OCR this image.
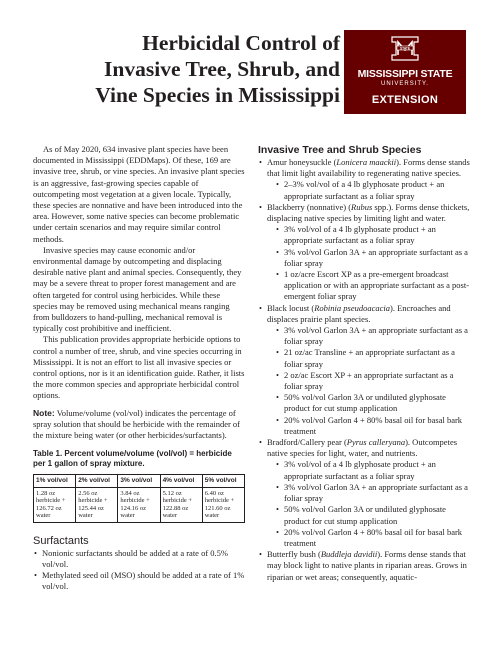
Herbicidal Control of
Invasive Tree, Shrub, and
Vine Species in Mississippi
STATE
MISSISSIPPI STATE
UNIVERSITY.
EXTENSION

As of May 2020, 634 invasive plant species have been documented in Mississippi (EDDMaps). Of these, 169 are invasive tree, shrub, or vine species. An invasive plant species is an aggressive, fast-growing species capable of outcompeting most vegetation at a given locale. Typically, these species are nonnative and have been introduced into the area. However, some native species can become problematic under certain scenarios and may require similar control methods.

Invasive species may cause economic and/or environmental damage by outcompeting and displacing desirable native plant and animal species. Consequently, they may be a severe threat to proper forest management and are often targeted for control using herbicides. While these species may be removed using mechanical means ranging from bulldozers to hand-pulling, mechanical removal is typically cost prohibitive and inefficient.

This publication provides appropriate herbicide options to control a number of tree, shrub, and vine species occurring in Mississippi. It is not an effort to list all invasive species or control options, nor is it an identification guide. Rather, it lists the more common species and appropriate herbicidal control options.

Note: Volume/volume (vol/vol) indicates the percentage of spray solution that should be herbicide with the remainder of the mixture being water (or other herbicides/surfactants).

Table 1. Percent volume/volume (vol/vol) = herbicide per 1 gallon of spray mixture.
1% vol/vol	2% vol/vol	3% vol/vol	4% vol/vol	5% vol/vol
1.28 oz herbicide + 126.72 oz water	2.56 oz herbicide + 125.44 oz water	3.84 oz herbicide + 124.16 oz water	5.12 oz herbicide + 122.88 oz water	6.40 oz herbicide + 121.60 oz water
Surfactants
• Nonionic surfactants should be added at a rate of 0.5% vol/vol.
• Methylated seed oil (MSO) should be added at a rate of 1% vol/vol.
Invasive Tree and Shrub Species
• Amur honeysuckle (Lonicera maackii). Forms dense stands that limit light availability to regenerating native species.
• 2–3% vol/vol of a 4 lb glyphosate product + an appropriate surfactant as a foliar spray
• Blackberry (nonnative) (Rubus spp.). Forms dense thickets, displacing native species by limiting light and water.
• 3% vol/vol of a 4 lb glyphosate product + an appropriate surfactant as a foliar spray
• 3% vol/vol Garlon 3A + an appropriate surfactant as a foliar spray
• 1 oz/acre Escort XP as a pre-emergent broadcast application or with an appropriate surfactant as a post-emergent foliar spray
• Black locust (Robinia pseudoacacia). Encroaches and displaces prairie plant species.
• 3% vol/vol Garlon 3A + an appropriate surfactant as a foliar spray
• 21 oz/ac Transline + an appropriate surfactant as a foliar spray
• 2 oz/ac Escort XP + an appropriate surfactant as a foliar spray
• 50% vol/vol Garlon 3A or undiluted glyphosate product for cut stump application
• 20% vol/vol Garlon 4 + 80% basal oil for basal bark treatment
• Bradford/Callery pear (Pyrus calleryana). Outcompetes native species for light, water, and nutrients.
• 3% vol/vol of a 4 lb glyphosate product + an appropriate surfactant as a foliar spray
• 3% vol/vol Garlon 3A + an appropriate surfactant as a foliar spray
• 50% vol/vol Garlon 3A or undiluted glyphosate product for cut stump application
• 20% vol/vol Garlon 4 + 80% basal oil for basal bark treatment
• Butterfly bush (Buddleja davidii). Forms dense stands that may block light to native plants in riparian areas. Grows in riparian or wet areas; consequently, aquatic-
